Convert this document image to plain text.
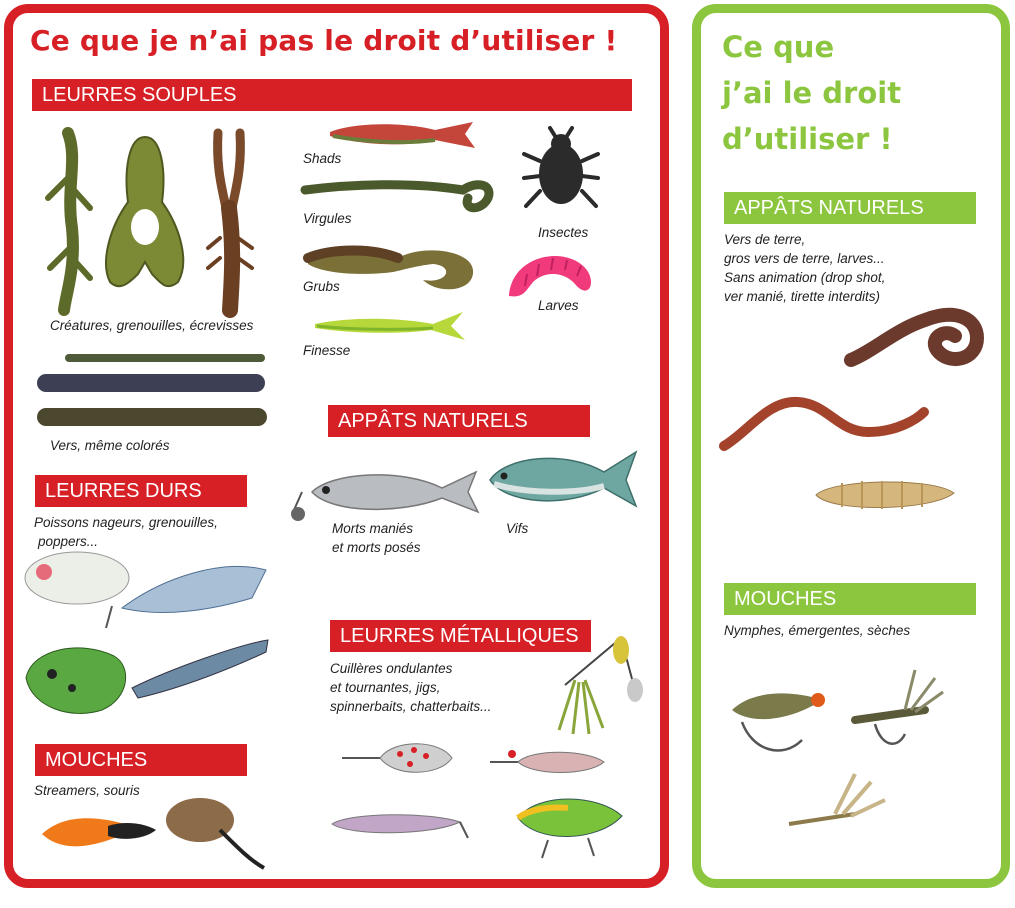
Ce que je n’ai pas le droit d’utiliser !	Ce que
j’ai le droit
d’utiliser !
LEURRES SOUPLES
APPÂTS NATURELS
LEURRES DURS
LEURRES MÉTALLIQUES
MOUCHES
APPÂTS NATURELS
MOUCHES
Créatures, grenouilles, écrevisses
Shads
Virgules
Grubs
Finesse
Insectes
Larves
Vers, même colorés
Poissons nageurs, grenouilles,
poppers...
Morts maniés
et morts posés
Vifs
Cuillères ondulantes
et tournantes, jigs,
spinnerbaits, chatterbaits...
Streamers, souris
Vers de terre,
gros vers de terre, larves...
Sans animation (drop shot,
ver manié, tirette interdits)
Nymphes, émergentes, sèches
